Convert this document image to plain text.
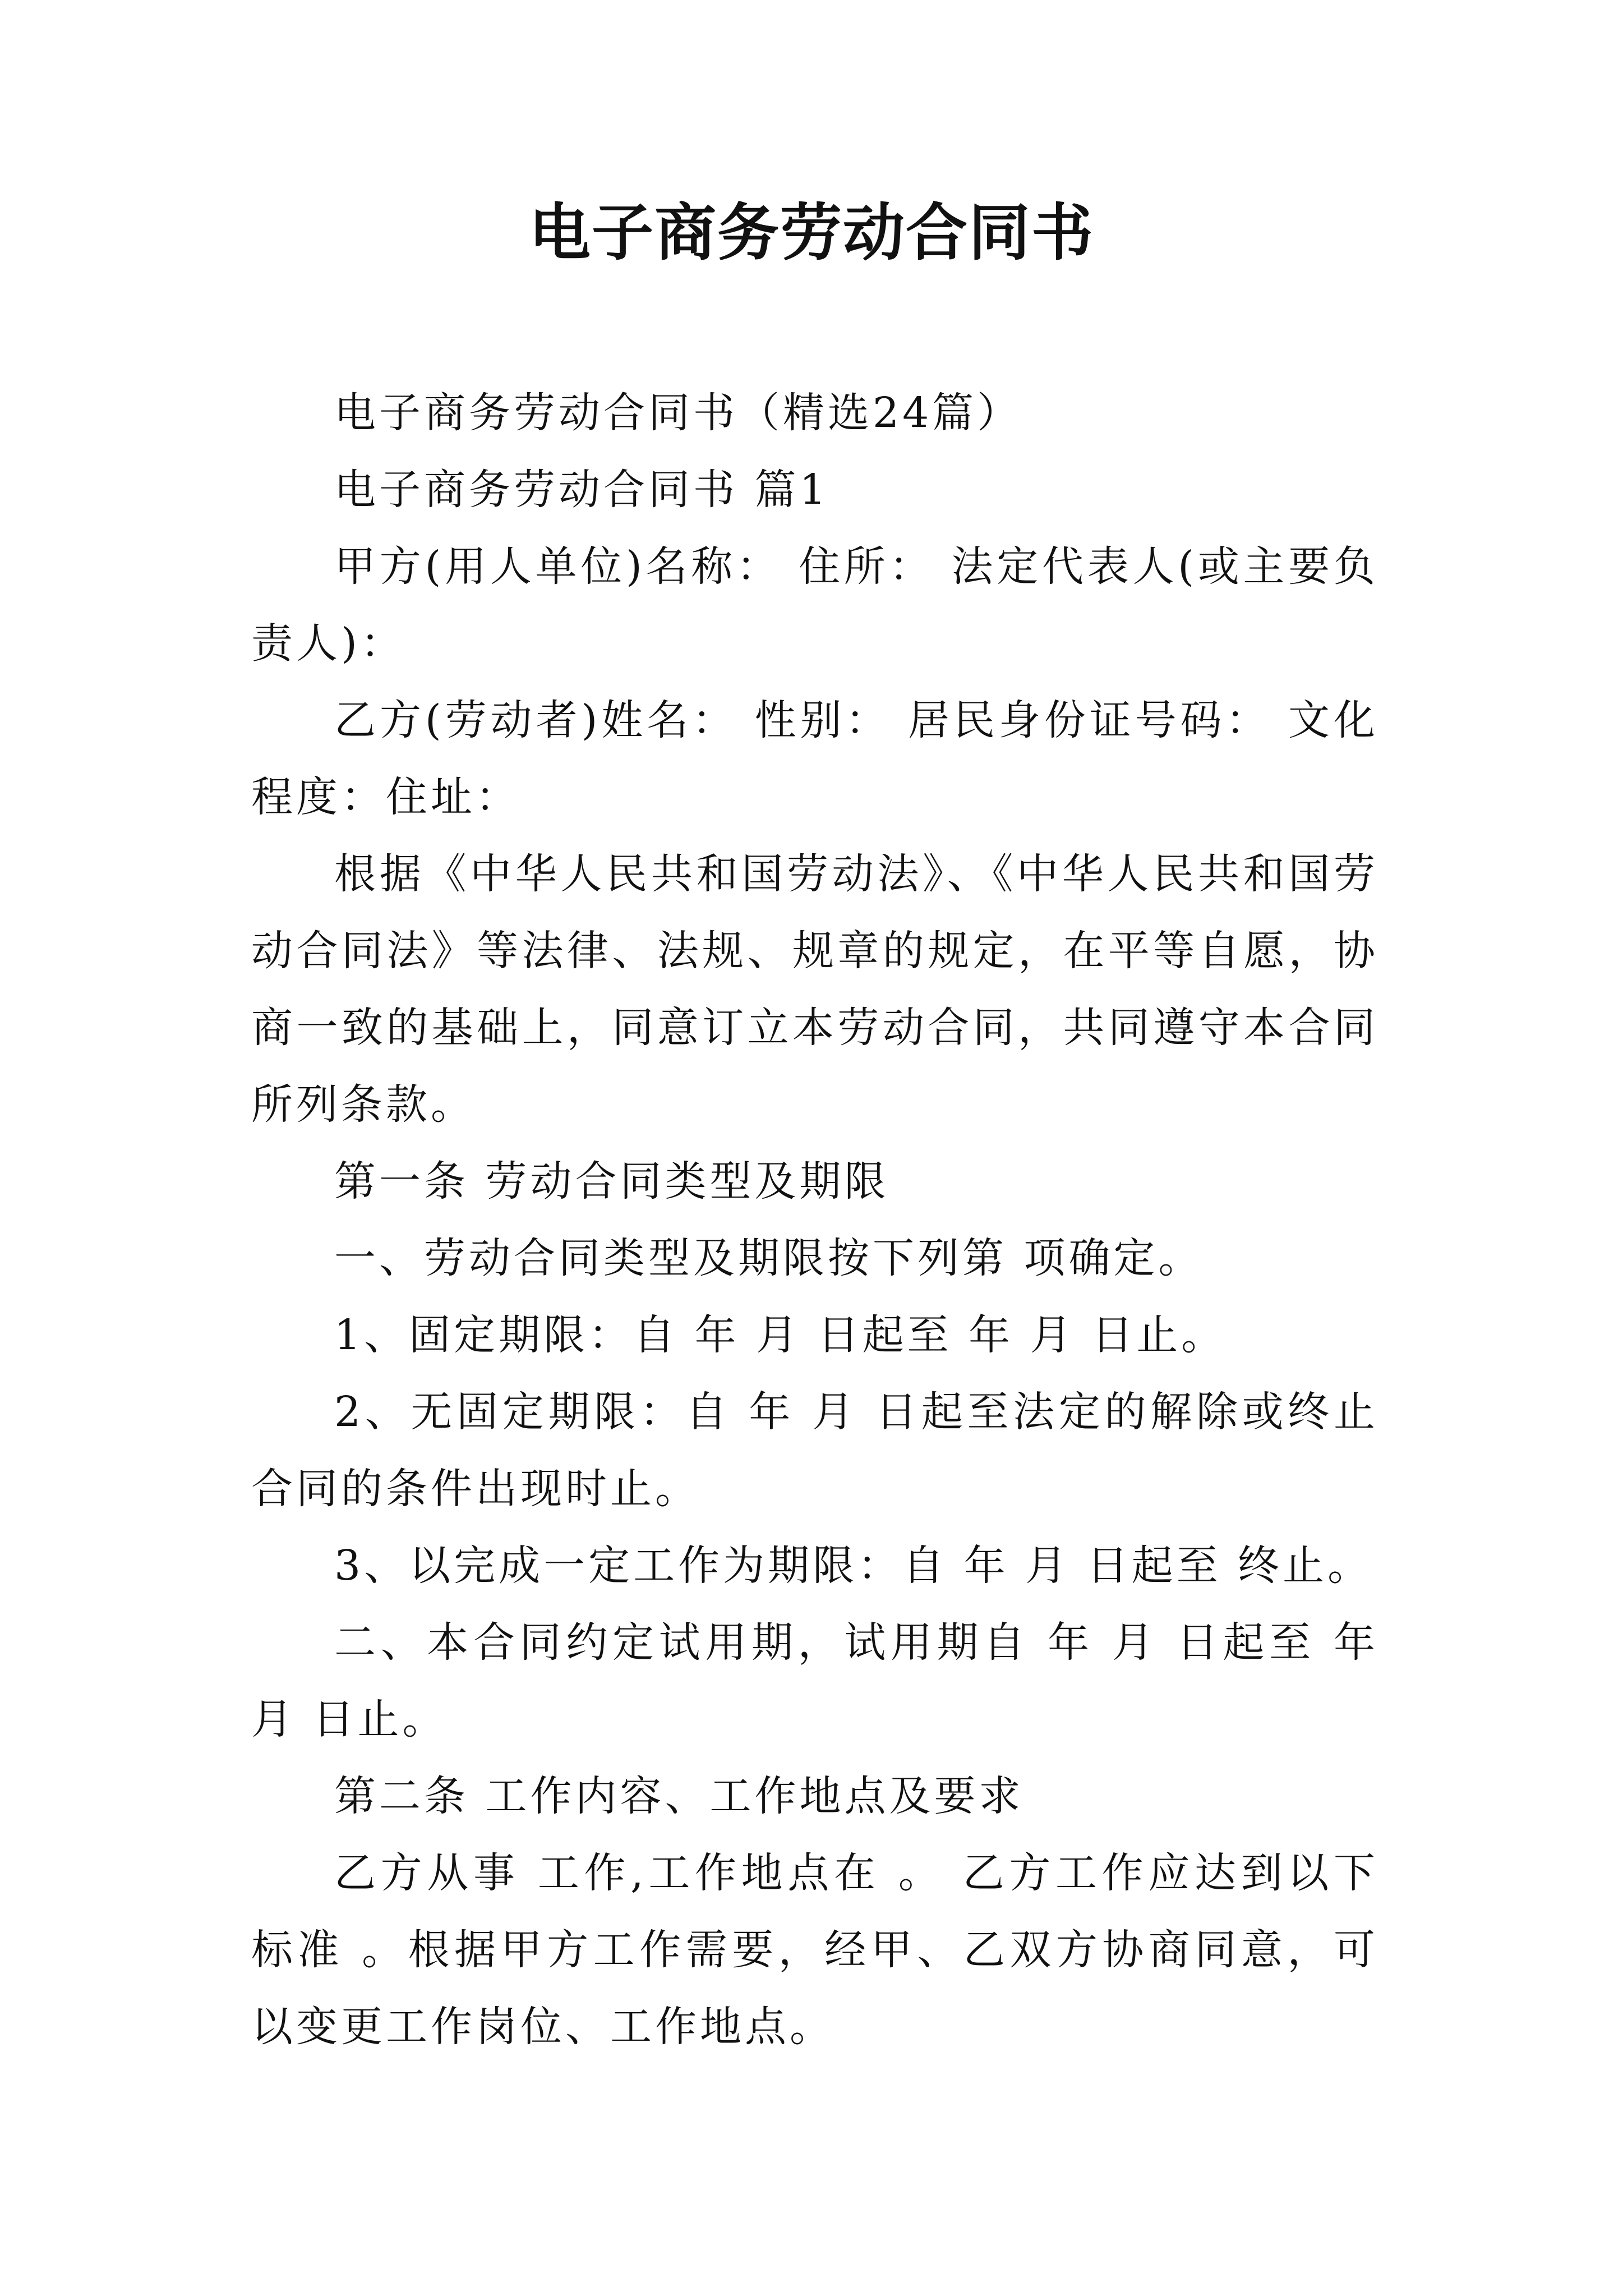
电子商务劳动合同书

电子商务劳动合同书（精选24篇）

电子商务劳动合同书 篇1

甲方(用人单位)名称： 住所： 法定代表人(或主要负责人)：

乙方(劳动者)姓名： 性别： 居民身份证号码： 文化程度：住址：

根据《中华人民共和国劳动法》、《中华人民共和国劳动合同法》等法律、法规、规章的规定，在平等自愿，协商一致的基础上，同意订立本劳动合同，共同遵守本合同所列条款。

第一条 劳动合同类型及期限

一、劳动合同类型及期限按下列第 项确定。

1、固定期限：自 年 月 日起至 年 月 日止。

2、无固定期限：自 年 月 日起至法定的解除或终止合同的条件出现时止。

3、以完成一定工作为期限：自 年 月 日起至 终止。

二、本合同约定试用期，试用期自 年 月 日起至 年 月 日止。

第二条 工作内容、工作地点及要求

乙方从事 工作,工作地点在 。 乙方工作应达到以下标准 。根据甲方工作需要，经甲、乙双方协商同意，可以变更工作岗位、工作地点。
